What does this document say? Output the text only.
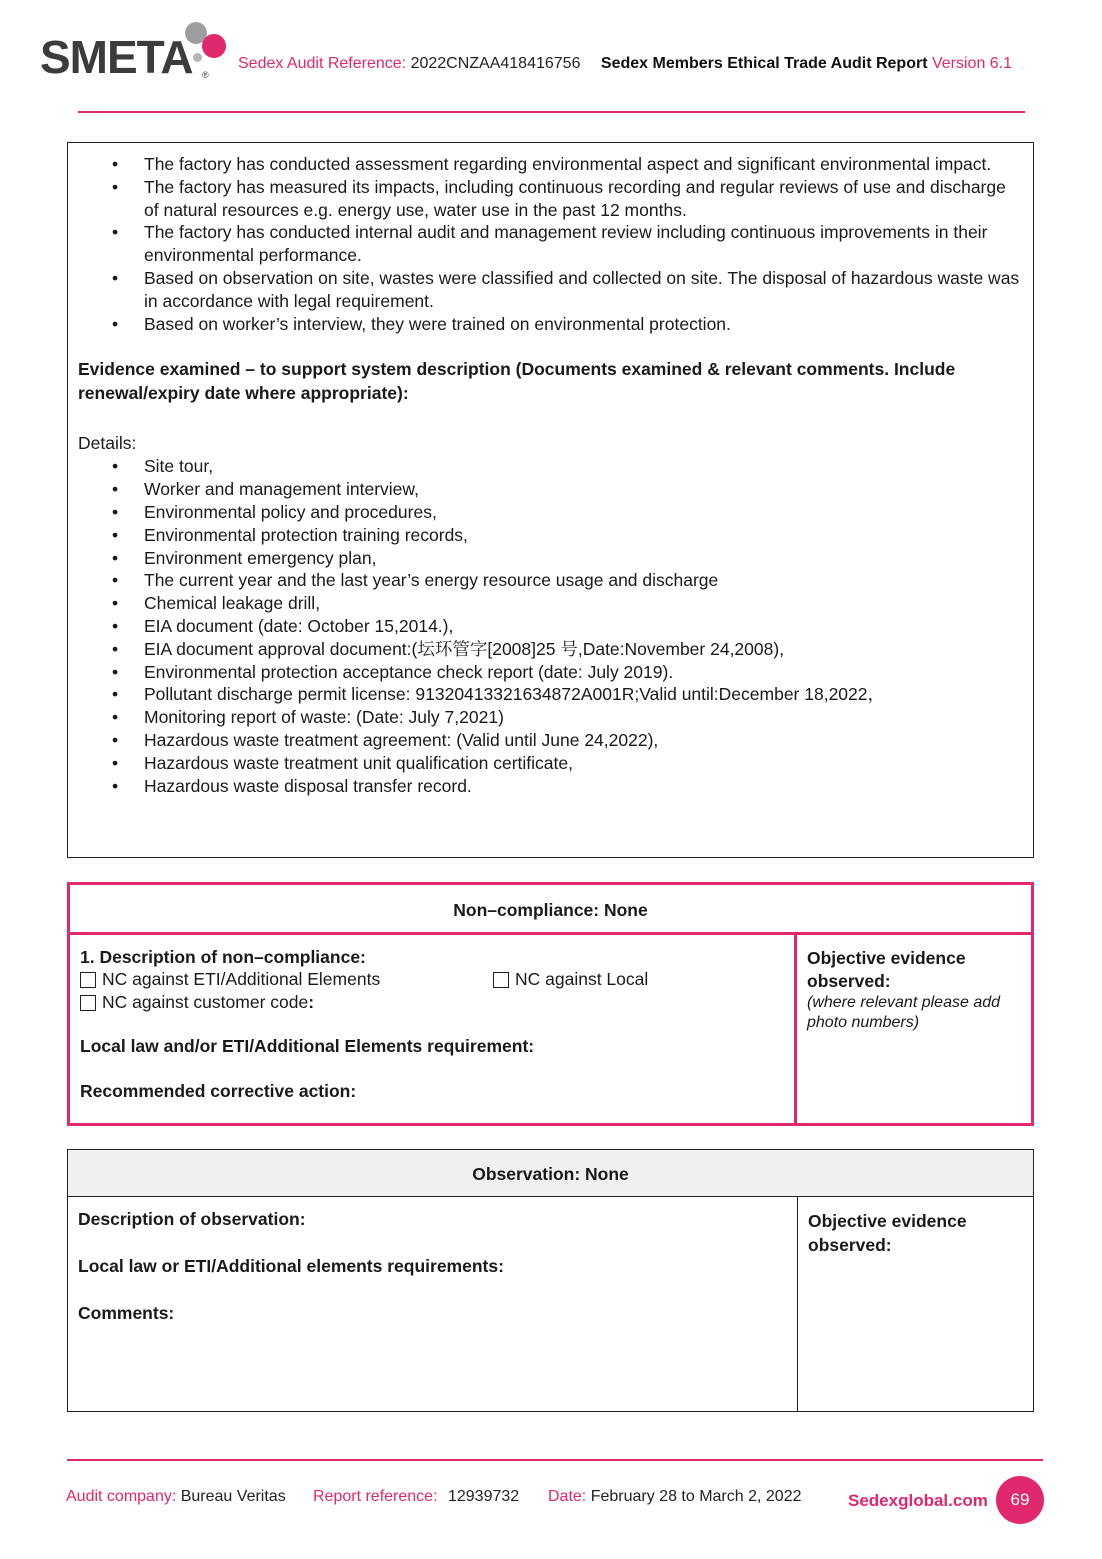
SMETA ®
Sedex Audit Reference: 2022CNZAA418416756 Sedex Members Ethical Trade Audit Report Version 6.1
• The factory has conducted assessment regarding environmental aspect and significant environmental impact.
• The factory has measured its impacts, including continuous recording and regular reviews of use and discharge of natural resources e.g. energy use, water use in the past 12 months.
• The factory has conducted internal audit and management review including continuous improvements in their environmental performance.
• Based on observation on site, wastes were classified and collected on site. The disposal of hazardous waste was in accordance with legal requirement.
• Based on worker’s interview, they were trained on environmental protection.
Evidence examined – to support system description (Documents examined & relevant comments. Include renewal/expiry date where appropriate):
Details:
• Site tour,
• Worker and management interview,
• Environmental policy and procedures,
• Environmental protection training records,
• Environment emergency plan,
• The current year and the last year’s energy resource usage and discharge
• Chemical leakage drill,
• EIA document (date: October 15,2014.),
• EIA document approval document:(坛环管字[2008]25 号,Date:November 24,2008),
• Environmental protection acceptance check report (date: July 2019).
• Pollutant discharge permit license: 91320413321634872A001R;Valid until:December 18,2022，
• Monitoring report of waste: (Date: July 7,2021)
• Hazardous waste treatment agreement: (Valid until June 24,2022),
• Hazardous waste treatment unit qualification certificate,
• Hazardous waste disposal transfer record.
Non–compliance: None
1. Description of non–compliance:
NC against ETI/Additional Elements	NC against Local
NC against customer code :
Local law and/or ETI/Additional Elements requirement:
Recommended corrective action:
Objective evidence observed:
(where relevant please add photo numbers)
Observation: None
Description of observation:
Local law or ETI/Additional elements requirements:
Comments:
Objective evidence observed:
Audit company: Bureau Veritas Report reference: 12939732 Date: February 28 to March 2, 2022	Sedexglobal.com	69
